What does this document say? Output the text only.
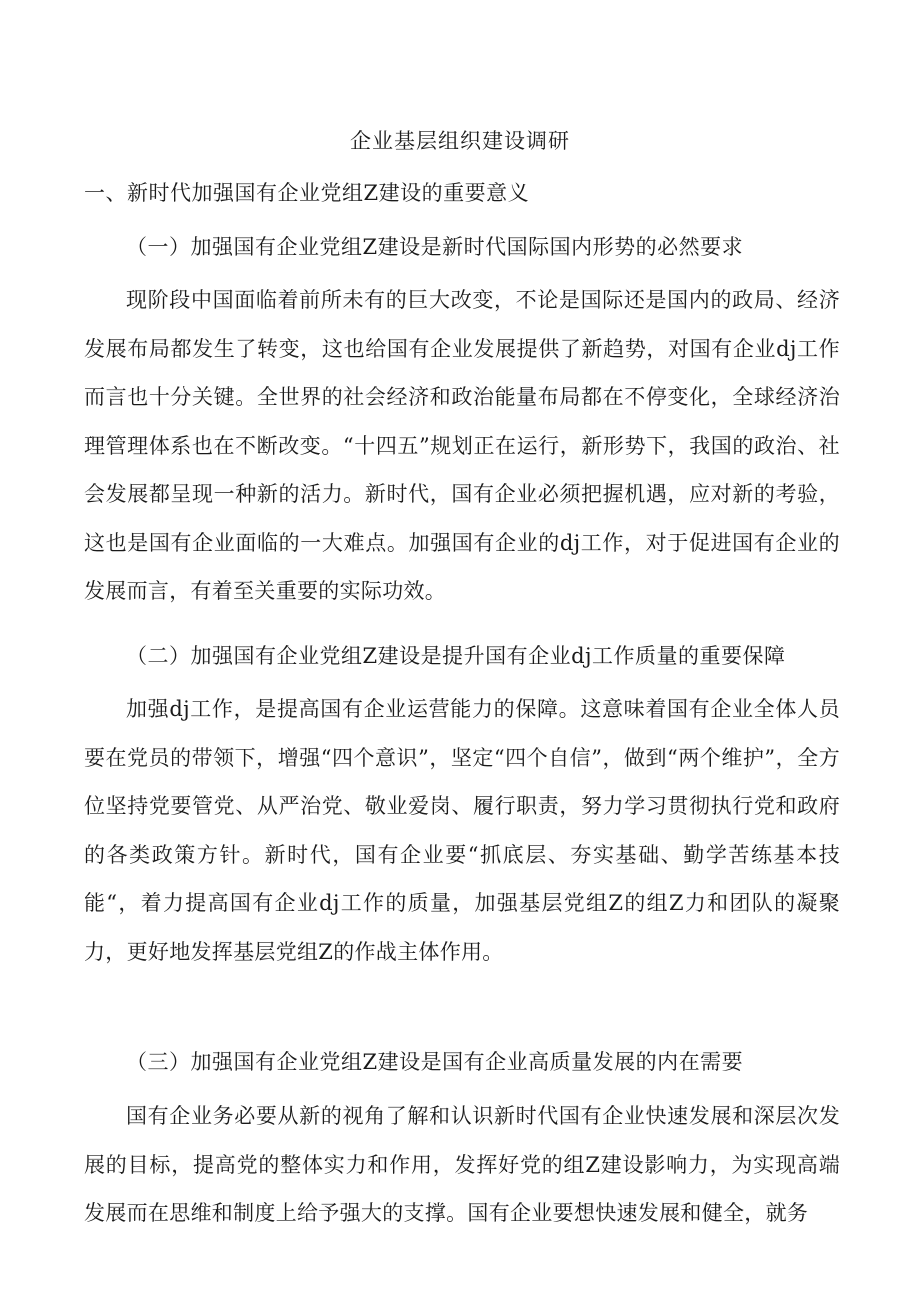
企业基层组织建设调研
一、新时代加强国有企业党组Z建设的重要意义
（一）加强国有企业党组Z建设是新时代国际国内形势的必然要求
现阶段中国面临着前所未有的巨大改变，不论是国际还是国内的政局、经济发展布局都发生了转变，这也给国有企业发展提供了新趋势，对国有企业dj工作而言也十分关键。全世界的社会经济和政治能量布局都在不停变化，全球经济治理管理体系也在不断改变。“十四五”规划正在运行，新形势下，我国的政治、社会发展都呈现一种新的活力。新时代，国有企业必须把握机遇，应对新的考验，这也是国有企业面临的一大难点。加强国有企业的dj工作，对于促进国有企业的发展而言，有着至关重要的实际功效。
（二）加强国有企业党组Z建设是提升国有企业dj工作质量的重要保障
加强dj工作，是提高国有企业运营能力的保障。这意味着国有企业全体人员要在党员的带领下，增强“四个意识”，坚定“四个自信”，做到“两个维护”，全方位坚持党要管党、从严治党、敬业爱岗、履行职责，努力学习贯彻执行党和政府的各类政策方针。新时代，国有企业要“抓底层、夯实基础、勤学苦练基本技能“，着力提高国有企业dj工作的质量，加强基层党组Z的组Z力和团队的凝聚力，更好地发挥基层党组Z的作战主体作用。
（三）加强国有企业党组Z建设是国有企业高质量发展的内在需要
国有企业务必要从新的视角了解和认识新时代国有企业快速发展和深层次发展的目标，提高党的整体实力和作用，发挥好党的组Z建设影响力，为实现高端发展而在思维和制度上给予强大的支撑。国有企业要想快速发展和健全，就务
